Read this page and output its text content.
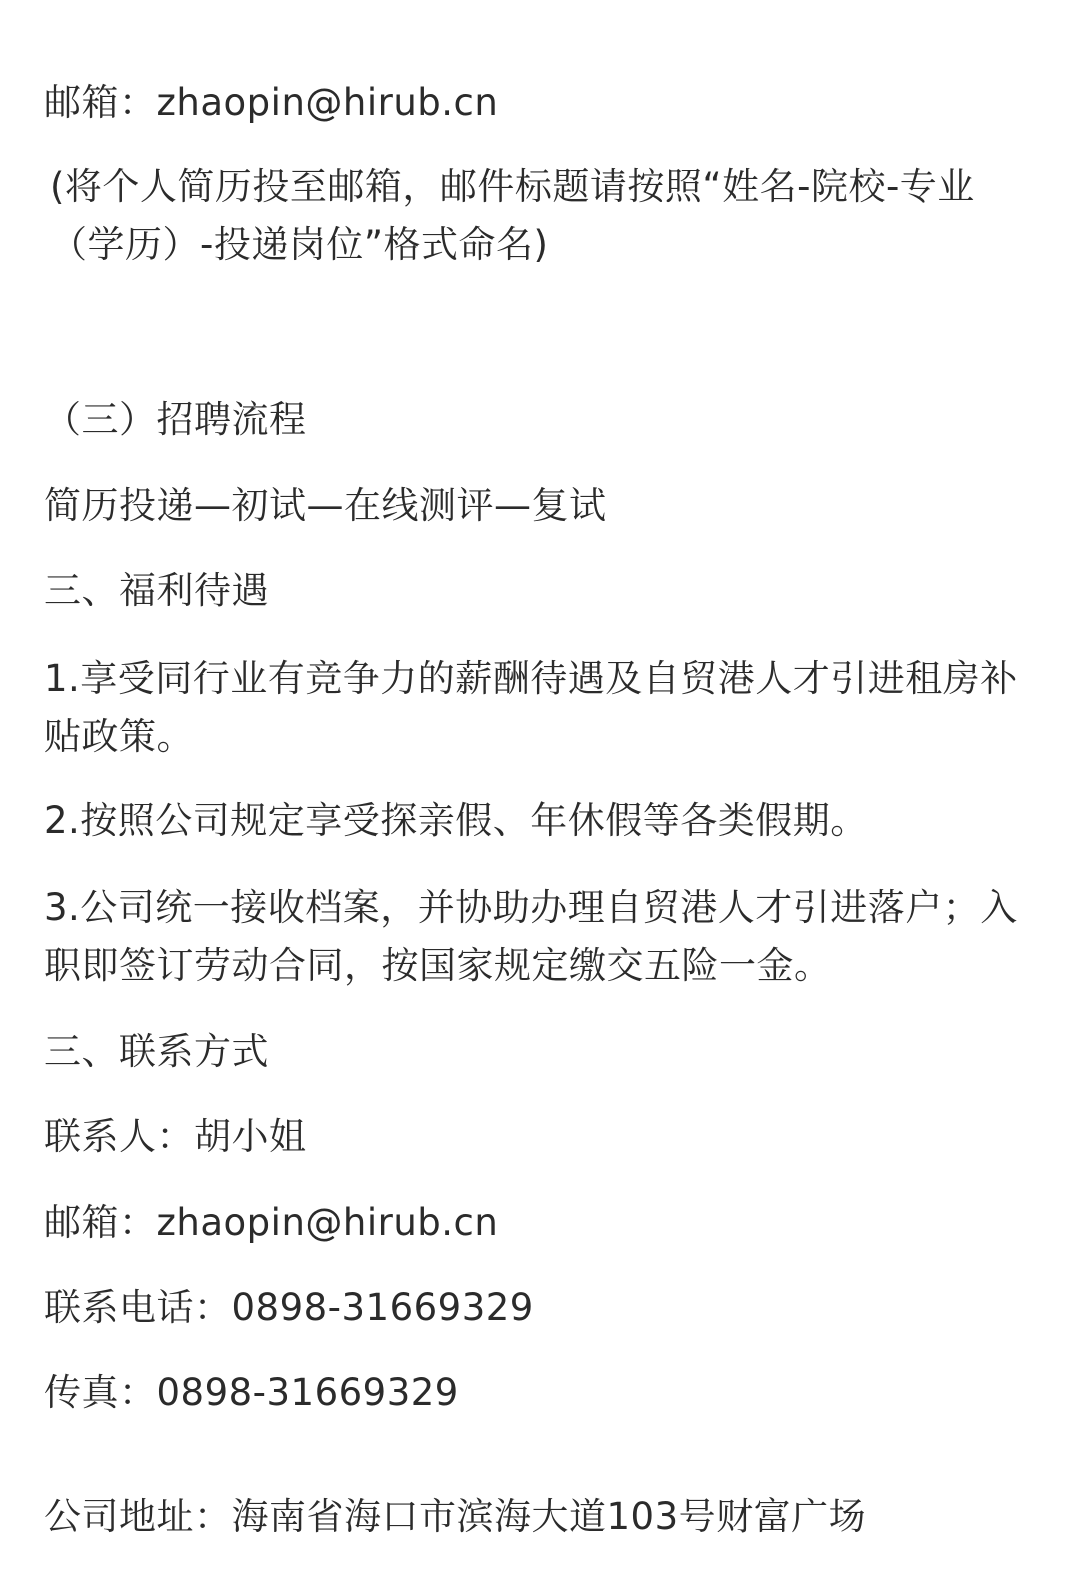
邮箱：zhaopin@hirub.cn
(将个人简历投至邮箱，邮件标题请按照“姓名-院校-专业（学历）-投递岗位”格式命名)
（三）招聘流程
简历投递—初试—在线测评—复试
三、福利待遇
1.享受同行业有竞争力的薪酬待遇及自贸港人才引进租房补贴政策。
2.按照公司规定享受探亲假、年休假等各类假期。
3.公司统一接收档案，并协助办理自贸港人才引进落户；入职即签订劳动合同，按国家规定缴交五险一金。
三、联系方式
联系人：胡小姐
邮箱：zhaopin@hirub.cn
联系电话：0898-31669329
传真：0898-31669329
公司地址：海南省海口市滨海大道103号财富广场
